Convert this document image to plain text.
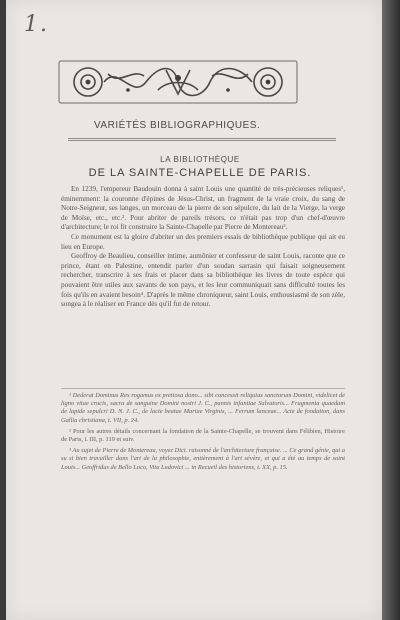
1.
VARIÉTÉS BIBLIOGRAPHIQUES.
LA BIBLIOTHÈQUE
DE LA SAINTE-CHAPELLE DE PARIS.

En 1239, l'empereur Baudouin donna à saint Louis une quantité de très-précieuses reliques¹, éminemment: la couronne d'épines de Jésus-Christ, un fragment de la vraie croix, du sang de Notre-Seigneur, ses langes, un morceau de la pierre de son sépulcre, du lait de la Vierge, la verge de Moïse, etc., etc.². Pour abriter de pareils trésors, ce n'était pas trop d'un chef-d'œuvre d'architecture; le roi fit construire la Sainte-Chapelle par Pierre de Montereau³.

Ce monument est la gloire d'abriter un des premiers essais de bibliothèque publique qui ait eu lieu en Europe.

Geoffroy de Beaulieu, conseiller intime, aumônier et confesseur de saint Louis, raconte que ce prince, étant en Palestine, entendit parler d'un soudan sarrasin qui faisait soigneusement rechercher, transcrire à ses frais et placer dans sa bibliothèque les livres de toute espèce qui pouvaient être utiles aux savants de son pays, et les leur communiquait sans difficulté toutes les fois qu'ils en avaient besoin⁴. D'après le même chroniqueur, saint Louis, enthousiasmé de son zèle, songea à le réaliser en France dès qu'il fut de retour.

¹ Dederat Dominus Rex rogamus ex pretiosa dono... sibi concessit reliquias sanctorum Domini, videlicet de ligno vitae crucis, sacra de sanguine Domini nostri J. C., pannis infantiae Salvatoris... Fragmenta quaedam de lapide sepulcri D. N. J. C., de lacte beatae Mariae Virginis, ... Ferrum lanceae... Acte de fondation, dans Gallia christiana, t. VII, p. 24.

² Pour les autres détails concernant la fondation de la Sainte-Chapelle, se trouvent dans Félibien, Histoire de Paris, t. III, p. 119 et suiv.

³ Au sujet de Pierre de Montereau, voyez Dict. raisonné de l'architecture française. ... Ce grand génie, qui a su si bien travailler dans l'art de la philosophie, entièrement à l'art sévère, et qui a été au temps de saint Louis... Geoffridus de Bello Loco, Vita Ludovici ... in Recueil des historiens, t. XX, p. 15.
